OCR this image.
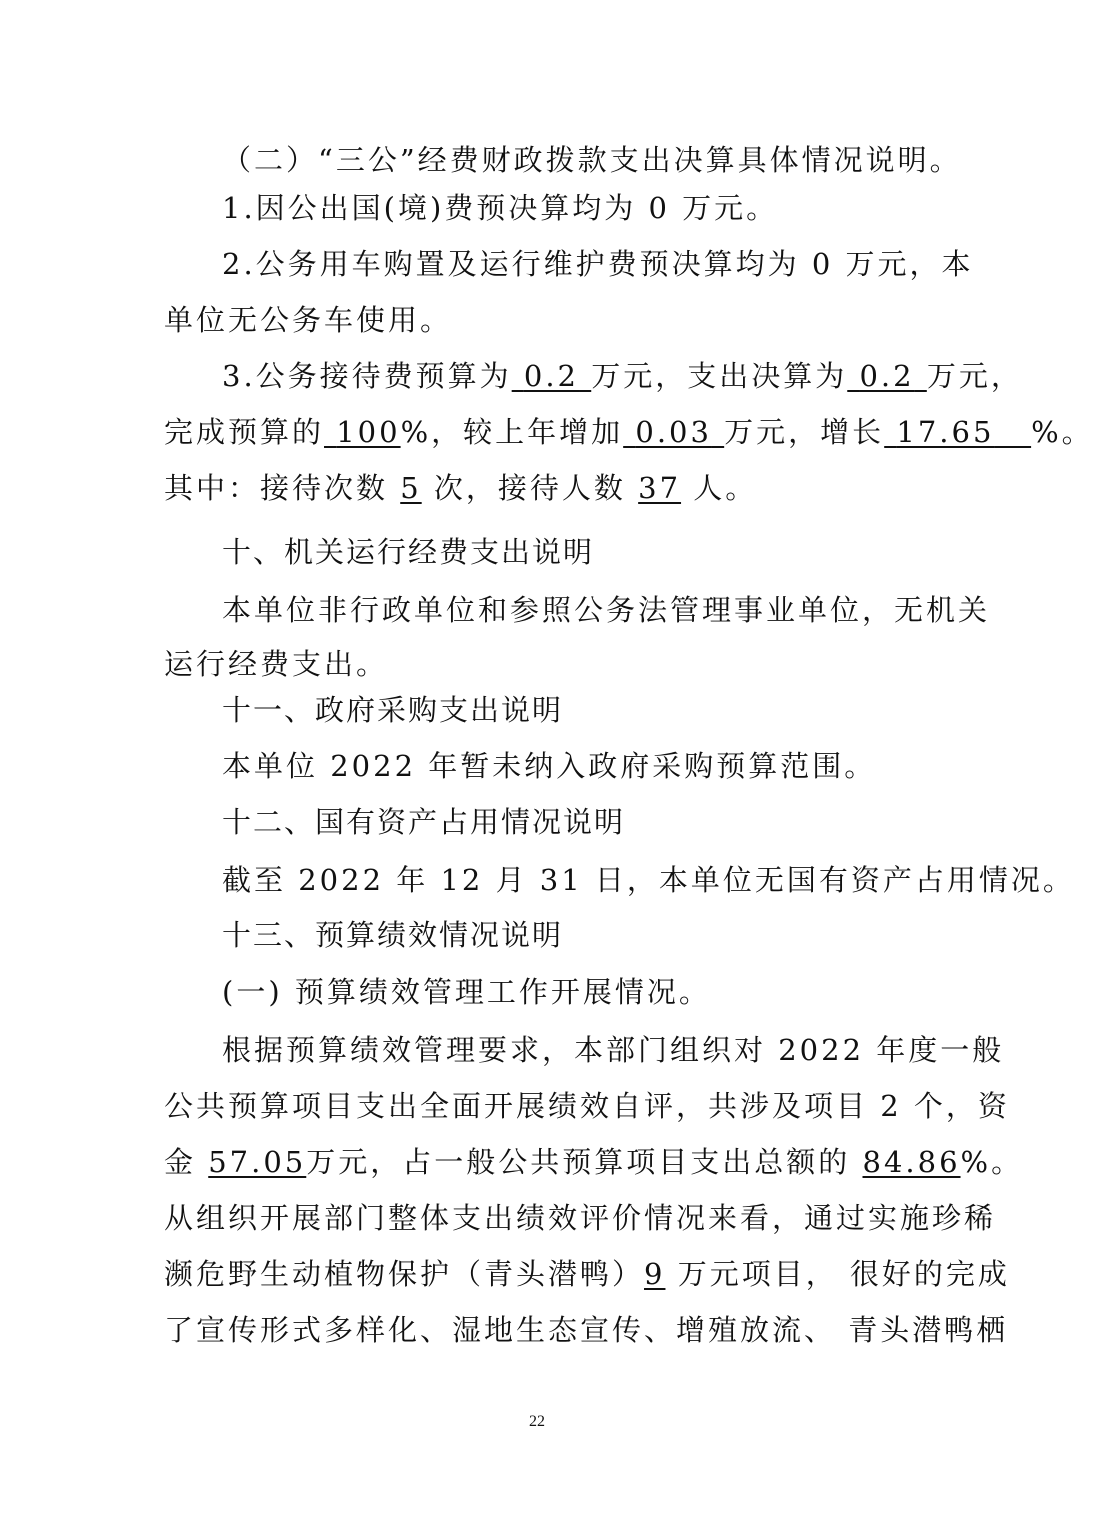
（二）“三公”经费财政拨款支出决算具体情况说明。
1.因公出国(境)费预决算均为 0 万元。
2.公务用车购置及运行维护费预决算均为 0 万元，本
单位无公务车使用。
3.公务接待费预算为 0.2 万元，支出决算为 0.2 万元，
完成预算的 100%，较上年增加 0.03 万元，增长 17.65 %。
其中：接待次数 5 次，接待人数 37 人。
十、机关运行经费支出说明
本单位非行政单位和参照公务法管理事业单位，无机关
运行经费支出。
十一、政府采购支出说明
本单位 2022 年暂未纳入政府采购预算范围。
十二、国有资产占用情况说明
截至 2022 年 12 月 31 日，本单位无国有资产占用情况。
十三、预算绩效情况说明
(一) 预算绩效管理工作开展情况。
根据预算绩效管理要求，本部门组织对 2022 年度一般
公共预算项目支出全面开展绩效自评，共涉及项目 2 个，资
金 57.05万元，占一般公共预算项目支出总额的 84.86%。
从组织开展部门整体支出绩效评价情况来看，通过实施珍稀
濒危野生动植物保护（青头潜鸭）9 万元项目， 很好的完成
了宣传形式多样化、湿地生态宣传、增殖放流、 青头潜鸭栖
22
